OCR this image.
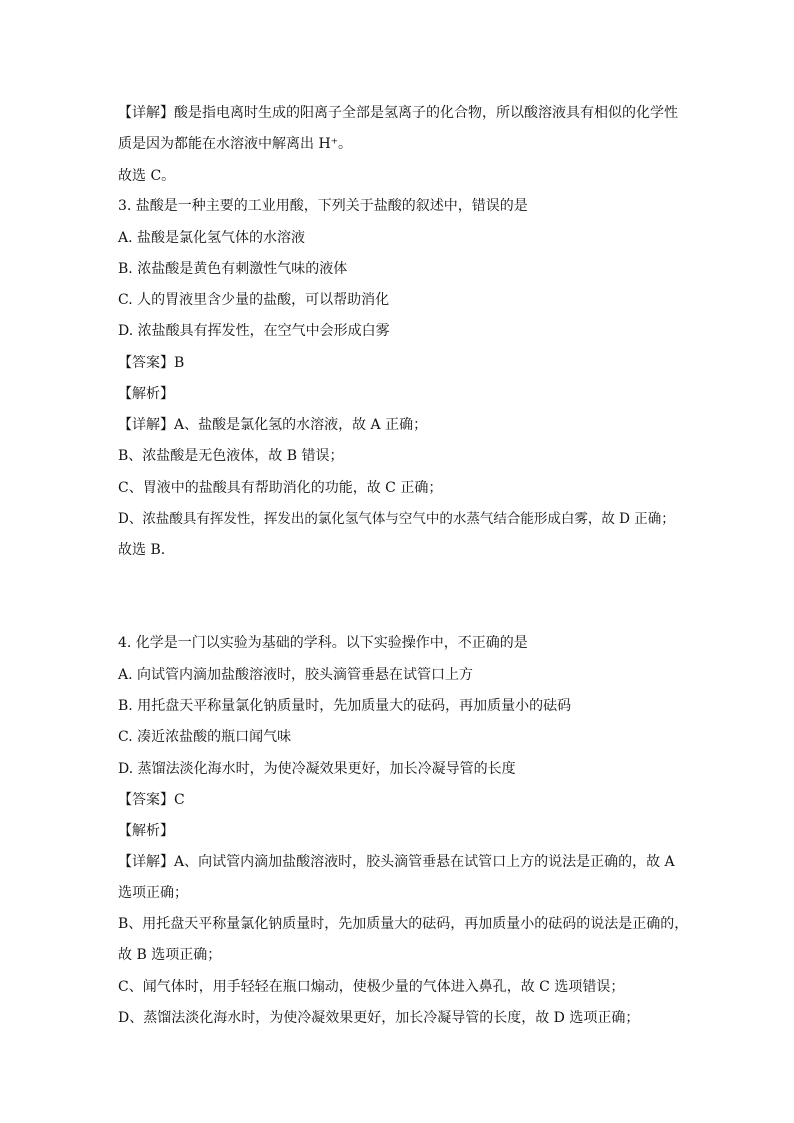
【详解】酸是指电离时生成的阳离子全部是氢离子的化合物，所以酸溶液具有相似的化学性
质是因为都能在水溶液中解离出 H⁺。
故选 C。
3. 盐酸是一种主要的工业用酸，下列关于盐酸的叙述中，错误的是
A. 盐酸是氯化氢气体的水溶液
B. 浓盐酸是黄色有刺激性气味的液体
C. 人的胃液里含少量的盐酸，可以帮助消化
D. 浓盐酸具有挥发性，在空气中会形成白雾
【答案】B
【解析】
【详解】A、盐酸是氯化氢的水溶液，故 A 正确；
B、浓盐酸是无色液体，故 B 错误；
C、胃液中的盐酸具有帮助消化的功能，故 C 正确；
D、浓盐酸具有挥发性，挥发出的氯化氢气体与空气中的水蒸气结合能形成白雾，故 D 正确；
故选 B.
4. 化学是一门以实验为基础的学科。以下实验操作中，不正确的是
A. 向试管内滴加盐酸溶液时，胶头滴管垂悬在试管口上方
B. 用托盘天平称量氯化钠质量时，先加质量大的砝码，再加质量小的砝码
C. 凑近浓盐酸的瓶口闻气味
D. 蒸馏法淡化海水时，为使冷凝效果更好，加长冷凝导管的长度
【答案】C
【解析】
【详解】A、向试管内滴加盐酸溶液时，胶头滴管垂悬在试管口上方的说法是正确的，故 A
选项正确；
B、用托盘天平称量氯化钠质量时，先加质量大的砝码，再加质量小的砝码的说法是正确的，
故 B 选项正确；
C、闻气体时，用手轻轻在瓶口煽动，使极少量的气体进入鼻孔，故 C 选项错误；
D、蒸馏法淡化海水时，为使冷凝效果更好，加长冷凝导管的长度，故 D 选项正确；
